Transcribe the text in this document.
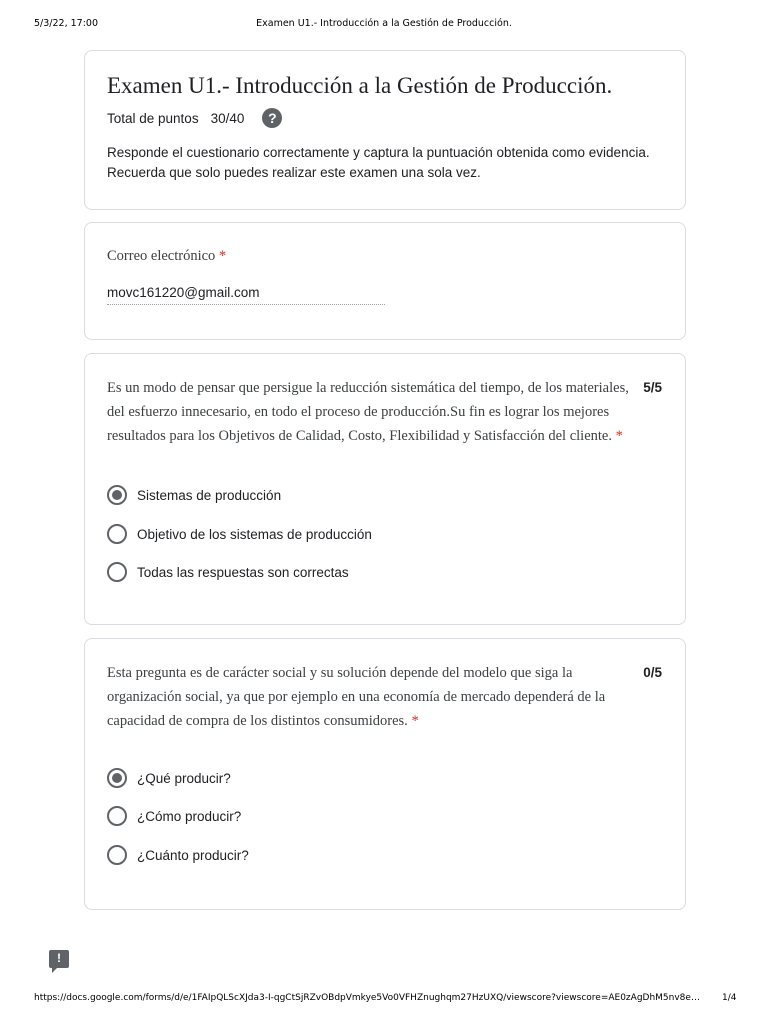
5/3/22, 17:00	Examen U1.- Introducción a la Gestión de Producción.
Examen U1.- Introducción a la Gestión de Producción.
Total de puntos 30/40	?
Responde el cuestionario correctamente y captura la puntuación obtenida como evidencia.
Recuerda que solo puedes realizar este examen una sola vez.
Correo electrónico *
movc161220@gmail.com
Es un modo de pensar que persigue la reducción sistemática del tiempo, de los materiales, del esfuerzo innecesario, en todo el proceso de producción.Su fin es lograr los mejores resultados para los Objetivos de Calidad, Costo, Flexibilidad y Satisfacción del cliente. *
5/5
Sistemas de producción
Objetivo de los sistemas de producción
Todas las respuestas son correctas
Esta pregunta es de carácter social y su solución depende del modelo que siga la organización social, ya que por ejemplo en una economía de mercado dependerá de la capacidad de compra de los distintos consumidores. *
0/5
¿Qué producir?
¿Cómo producir?
¿Cuánto producir?
!
https://docs.google.com/forms/d/e/1FAIpQLScXJda3-I-qgCtSjRZvOBdpVmkye5Vo0VFHZnughqm27HzUXQ/viewscore?viewscore=AE0zAgDhM5nv8e…	1/4
